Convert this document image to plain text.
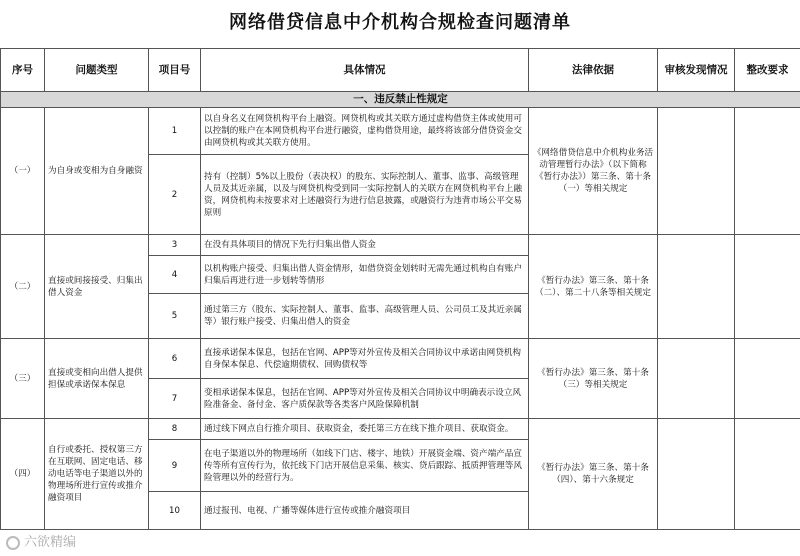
网络借贷信息中介机构合规检查问题清单
序号	问题类型	项目号	具体情况	法律依据	审核发现情况	整改要求
一、违反禁止性规定						
（一）	为自身或变相为自身融资	1	以自身名义在网贷机构平台上融资。网贷机构或其关联方通过虚构借贷主体或使用可以控制的账户在本网贷机构平台进行融资，虚构借贷用途，最终将该部分借贷资金交由网贷机构或其关联方使用。	《网络借贷信息中介机构业务活动管理暂行办法》（以下简称《暂行办法》）第三条、第十条（一）等相关规定		
		2	持有（控制）5%以上股份（表决权）的股东、实际控制人、董事、监事、高级管理人员及其近亲属，以及与网贷机构受到同一实际控制人的关联方在网贷机构平台上融资，网贷机构未按要求对上述融资行为进行信息披露，或融资行为违背市场公平交易原则			
（二）	直接或间接接受、归集出借人资金	3	在没有具体项目的情况下先行归集出借人资金	《暂行办法》第三条、第十条（二）、第二十八条等相关规定		
		4	以机构账户接受、归集出借人资金情形，如借贷资金划转时无需先通过机构自有账户归集后再进行进一步划转等情形			
		5	通过第三方（股东、实际控制人、董事、监事、高级管理人员、公司员工及其近亲属等）银行账户接受、归集出借人的资金			
（三）	直接或变相向出借人提供担保或承诺保本保息	6	直接承诺保本保息，包括在官网、APP等对外宣传及相关合同协议中承诺由网贷机构自身保本保息、代偿逾期债权、回购债权等	《暂行办法》第三条、第十条（三）等相关规定		
		7	变相承诺保本保息，包括在官网、APP等对外宣传及相关合同协议中明确表示设立风险准备金、备付金、客户质保款等各类客户风险保障机制			
（四）	自行或委托、授权第三方在互联网、固定电话、移动电话等电子渠道以外的物理场所进行宣传或推介融资项目	8	通过线下网点自行推介项目、获取资金，委托第三方在线下推介项目、获取资金。	《暂行办法》第三条、第十条（四）、第十六条规定		
		9	在电子渠道以外的物理场所（如线下门店、楼宇、地铁）开展资金端、资产端产品宣传等所有宣传行为，依托线下门店开展信息采集、核实、贷后跟踪、抵质押管理等风险管理以外的经营行为。			
		10	通过报刊、电视、广播等媒体进行宣传或推介融资项目			
六欲精编
